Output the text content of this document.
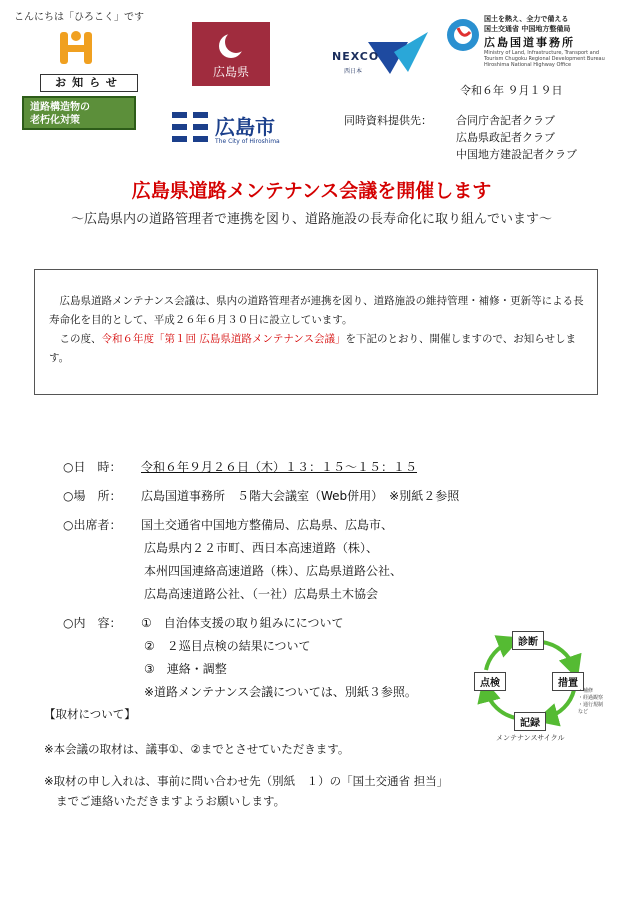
こんにちは「ひろこく」です
お知らせ
道路構造物の
老朽化対策
広島県
NEXCO
西日本
国土を熱え、全力で備える
国土交通省 中国地方整備局
広島国道事務所
Ministry of Land, Infrastructure, Transport and Tourism Chugoku Regional Development Bureau Hiroshima National Highway Office
令和６年 ９月１９日
広島市
The City of Hiroshima
同時資料提供先： 合同庁舎記者クラブ
広島県政記者クラブ
中国地方建設記者クラブ
広島県道路メンテナンス会議を開催します
～広島県内の道路管理者で連携を図り、道路施設の長寿命化に取り組んでいます～
広島県道路メンテナンス会議は、県内の道路管理者が連携を図り、道路施設の維持管理・補修・更新等による長寿命化を目的として、平成２６年６月３０日に設立しています。
この度、令和６年度「第１回 広島県道路メンテナンス会議」を下記のとおり、開催しますので、お知らせします。
○日　時： 令和６年９月２６日（木）１３：１５～１５：１５
○場　所： 広島国道事務所　５階大会議室（Web併用）　※別紙２参照
○出席者： 国土交通省中国地方整備局、広島県、広島市、
広島県内２２市町、西日本高速道路（株）、
本州四国連絡高速道路（株）、広島県道路公社、
広島高速道路公社、（一社）広島県土木協会
○内　容： ①　自治体支援の取り組みにについて
②　２巡目点検の結果について
③　連絡・調整
※道路メンテナンス会議については、別紙３参照。
診断
措置
記録
点検
・補修
・経過観察
・通行規制
など
メンテナンスサイクル
【取材について】
※本会議の取材は、議事①、②までとさせていただきます。
※取材の申し入れは、事前に問い合わせ先（別紙　１）の「国土交通省 担当」
までご連絡いただきますようお願いします。
